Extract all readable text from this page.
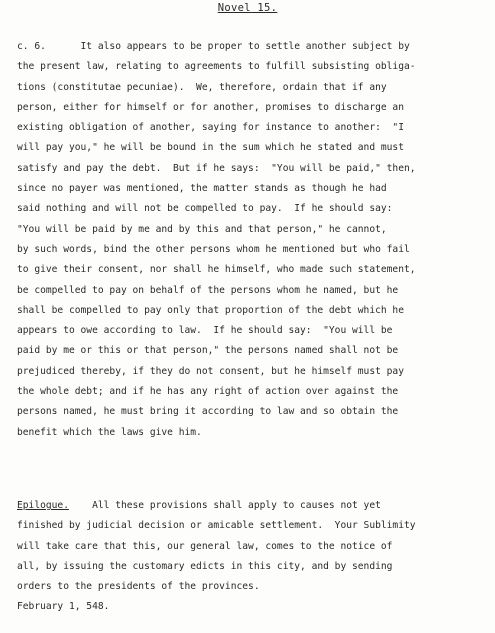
Novel 15.
c. 6.      It also appears to be proper to settle another subject by
the present law, relating to agreements to fulfill subsisting obliga-
tions (constitutae pecuniae).  We, therefore, ordain that if any
person, either for himself or for another, promises to discharge an
existing obligation of another, saying for instance to another:  "I
will pay you," he will be bound in the sum which he stated and must
satisfy and pay the debt.  But if he says:  "You will be paid," then,
since no payer was mentioned, the matter stands as though he had
said nothing and will not be compelled to pay.  If he should say:
"You will be paid by me and by this and that person," he cannot,
by such words, bind the other persons whom he mentioned but who fail
to give their consent, nor shall he himself, who made such statement,
be compelled to pay on behalf of the persons whom he named, but he
shall be compelled to pay only that proportion of the debt which he
appears to owe according to law.  If he should say:  "You will be
paid by me or this or that person," the persons named shall not be
prejudiced thereby, if they do not consent, but he himself must pay
the whole debt; and if he has any right of action over against the
persons named, he must bring it according to law and so obtain the
benefit which the laws give him.
Epilogue.    All these provisions shall apply to causes not yet
finished by judicial decision or amicable settlement.  Your Sublimity
will take care that this, our general law, comes to the notice of
all, by issuing the customary edicts in this city, and by sending
orders to the presidents of the provinces.
February 1, 548.
